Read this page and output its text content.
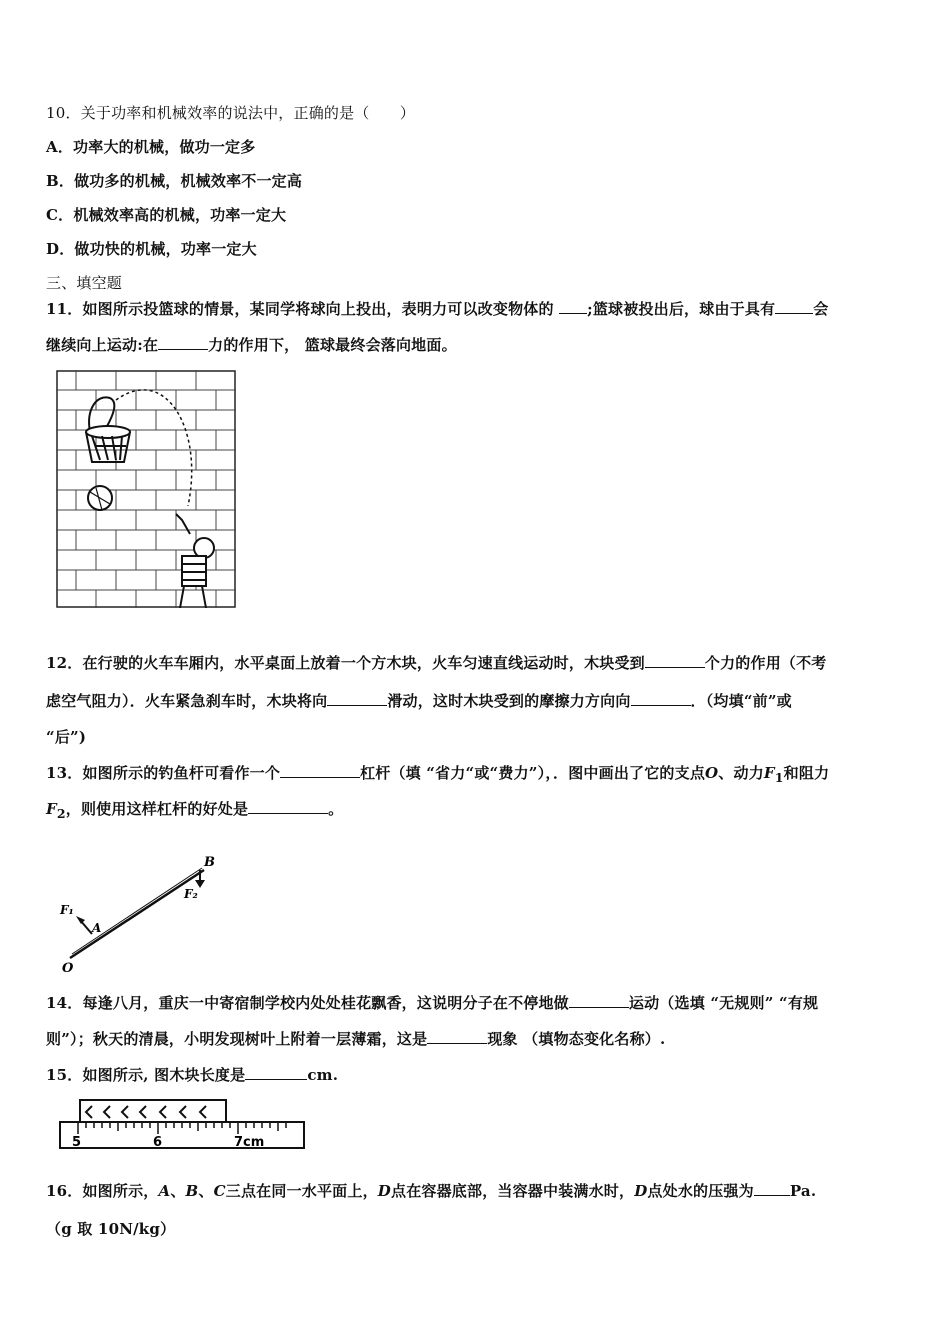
10．关于功率和机械效率的说法中，正确的是（　　）
A．功率大的机械，做功一定多
B．做功多的机械，机械效率不一定高
C．机械效率高的机械，功率一定大
D．做功快的机械，功率一定大
三、填空题
11．如图所示投篮球的情景，某同学将球向上投出，表明力可以改变物体的 ;篮球被投出后，球由于具有	会
继续向上运动:在	力的作用下， 篮球最终会落向地面。
12．在行驶的火车车厢内，水平桌面上放着一个方木块，火车匀速直线运动时，木块受到	个力的作用（不考
虑空气阻力）．火车紧急刹车时，木块将向	滑动，这时木块受到的摩擦力方向向	．（均填“前”或
“后”)
13．如图所示的钓鱼杆可看作一个	杠杆（填 “省力“或“费力”），．图中画出了它的支点O、动力$F_1$和阻力
$F_2$，则使用这样杠杆的好处是	。
B
F₂
F₁
A
O
14．每逢八月，重庆一中寄宿制学校内处处桂花飘香，这说明分子在不停地做	运动（选填 “无规则” “有规
则”）；秋天的清晨，小明发现树叶上附着一层薄霜，这是	现象 （填物态变化名称）.
15．如图所示, 图木块长度是	cm.
5	6	7cm
16．如图所示，A、B、C三点在同一水平面上，D点在容器底部，当容器中装满水时，D点处水的压强为 Pa.
（g 取 10N/kg）
